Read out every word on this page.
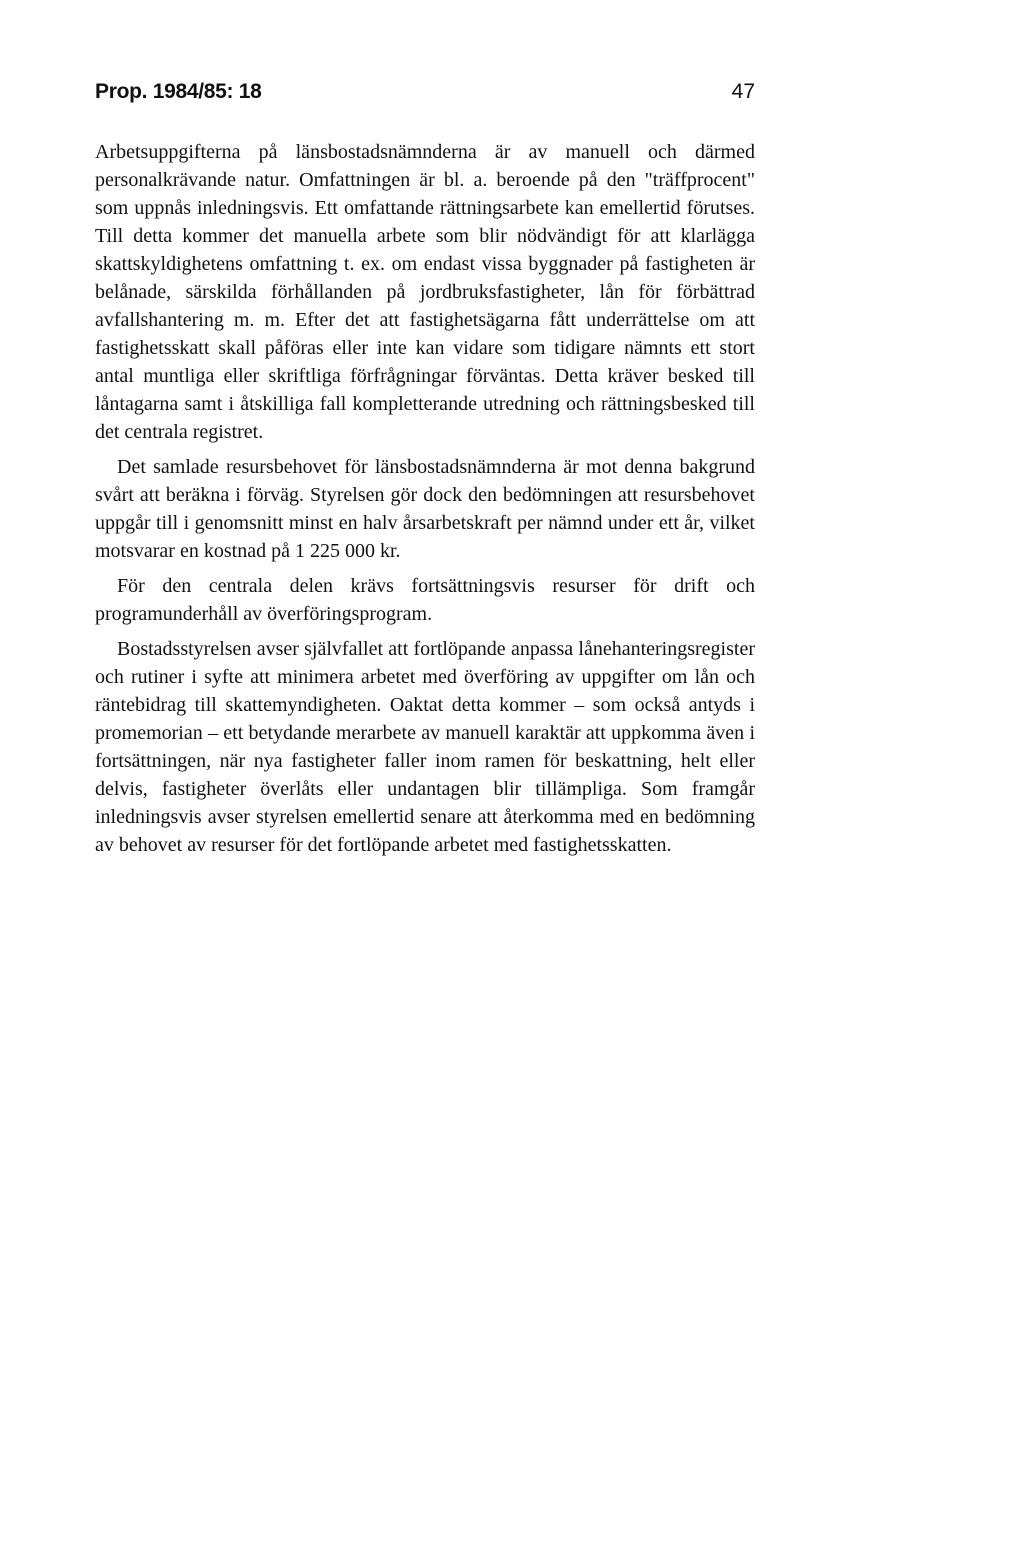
Prop. 1984/85: 18	47

Arbetsuppgifterna på länsbostadsnämnderna är av manuell och därmed personalkrävande natur. Omfattningen är bl. a. beroende på den "träffprocent" som uppnås inledningsvis. Ett omfattande rättningsarbete kan emellertid förutses. Till detta kommer det manuella arbete som blir nödvändigt för att klarlägga skattskyldighetens omfattning t. ex. om endast vissa byggnader på fastigheten är belånade, särskilda förhållanden på jordbruksfastigheter, lån för förbättrad avfallshantering m. m. Efter det att fastighetsägarna fått underrättelse om att fastighetsskatt skall påföras eller inte kan vidare som tidigare nämnts ett stort antal muntliga eller skriftliga förfrågningar förväntas. Detta kräver besked till låntagarna samt i åtskilliga fall kompletterande utredning och rättningsbesked till det centrala registret.

Det samlade resursbehovet för länsbostadsnämnderna är mot denna bakgrund svårt att beräkna i förväg. Styrelsen gör dock den bedömningen att resursbehovet uppgår till i genomsnitt minst en halv årsarbetskraft per nämnd under ett år, vilket motsvarar en kostnad på 1 225 000 kr.

För den centrala delen krävs fortsättningsvis resurser för drift och programunderhåll av överföringsprogram.

Bostadsstyrelsen avser självfallet att fortlöpande anpassa lånehanteringsregister och rutiner i syfte att minimera arbetet med överföring av uppgifter om lån och räntebidrag till skattemyndigheten. Oaktat detta kommer – som också antyds i promemorian – ett betydande merarbete av manuell karaktär att uppkomma även i fortsättningen, när nya fastigheter faller inom ramen för beskattning, helt eller delvis, fastigheter överlåts eller undantagen blir tillämpliga. Som framgår inledningsvis avser styrelsen emellertid senare att återkomma med en bedömning av behovet av resurser för det fortlöpande arbetet med fastighetsskatten.
